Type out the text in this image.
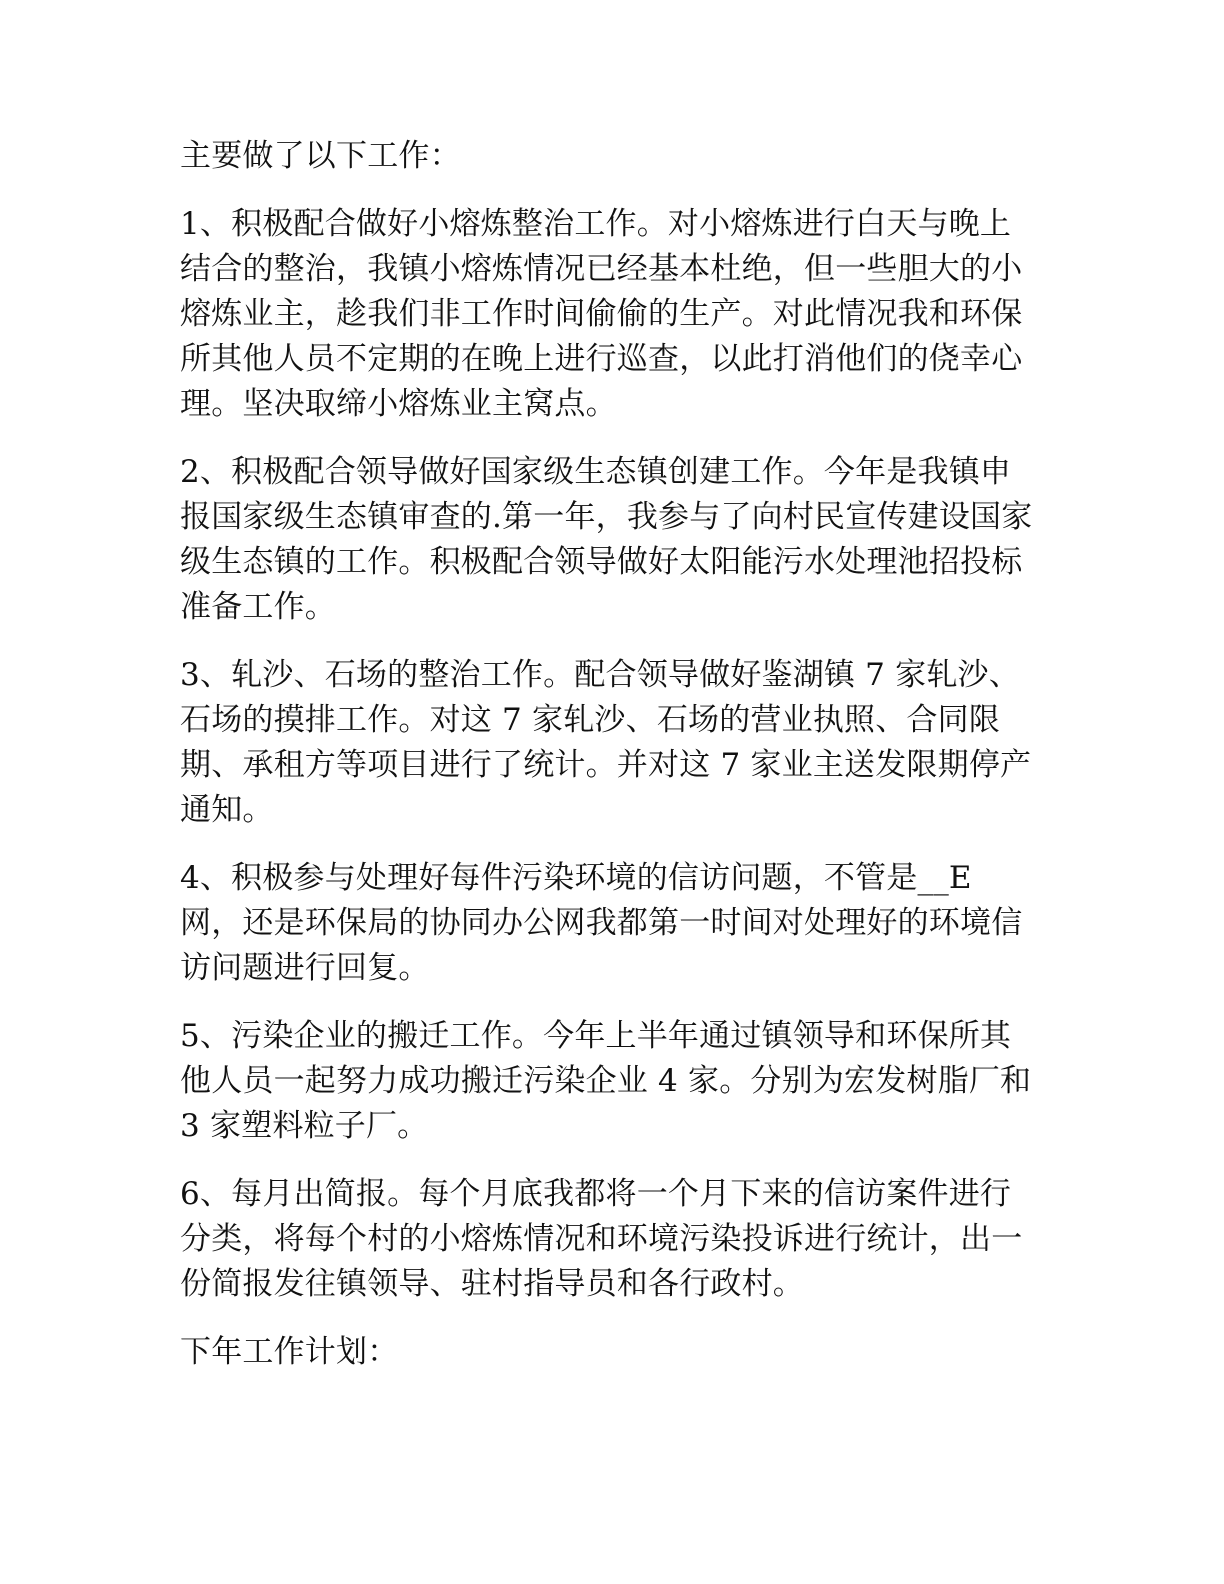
主要做了以下工作：

1、积极配合做好小熔炼整治工作。对小熔炼进行白天与晚上结合的整治，我镇小熔炼情况已经基本杜绝，但一些胆大的小熔炼业主，趁我们非工作时间偷偷的生产。对此情况我和环保所其他人员不定期的在晚上进行巡查，以此打消他们的侥幸心理。坚决取缔小熔炼业主窝点。

2、积极配合领导做好国家级生态镇创建工作。今年是我镇申报国家级生态镇审查的.第一年，我参与了向村民宣传建设国家级生态镇的工作。积极配合领导做好太阳能污水处理池招投标准备工作。

3、轧沙、石场的整治工作。配合领导做好鉴湖镇 7 家轧沙、石场的摸排工作。对这 7 家轧沙、石场的营业执照、合同限期、承租方等项目进行了统计。并对这 7 家业主送发限期停产通知。

4、积极参与处理好每件污染环境的信访问题，不管是__E 网，还是环保局的协同办公网我都第一时间对处理好的环境信访问题进行回复。

5、污染企业的搬迁工作。今年上半年通过镇领导和环保所其他人员一起努力成功搬迁污染企业 4 家。分别为宏发树脂厂和 3 家塑料粒子厂。

6、每月出简报。每个月底我都将一个月下来的信访案件进行分类，将每个村的小熔炼情况和环境污染投诉进行统计，出一份简报发往镇领导、驻村指导员和各行政村。

下年工作计划：
